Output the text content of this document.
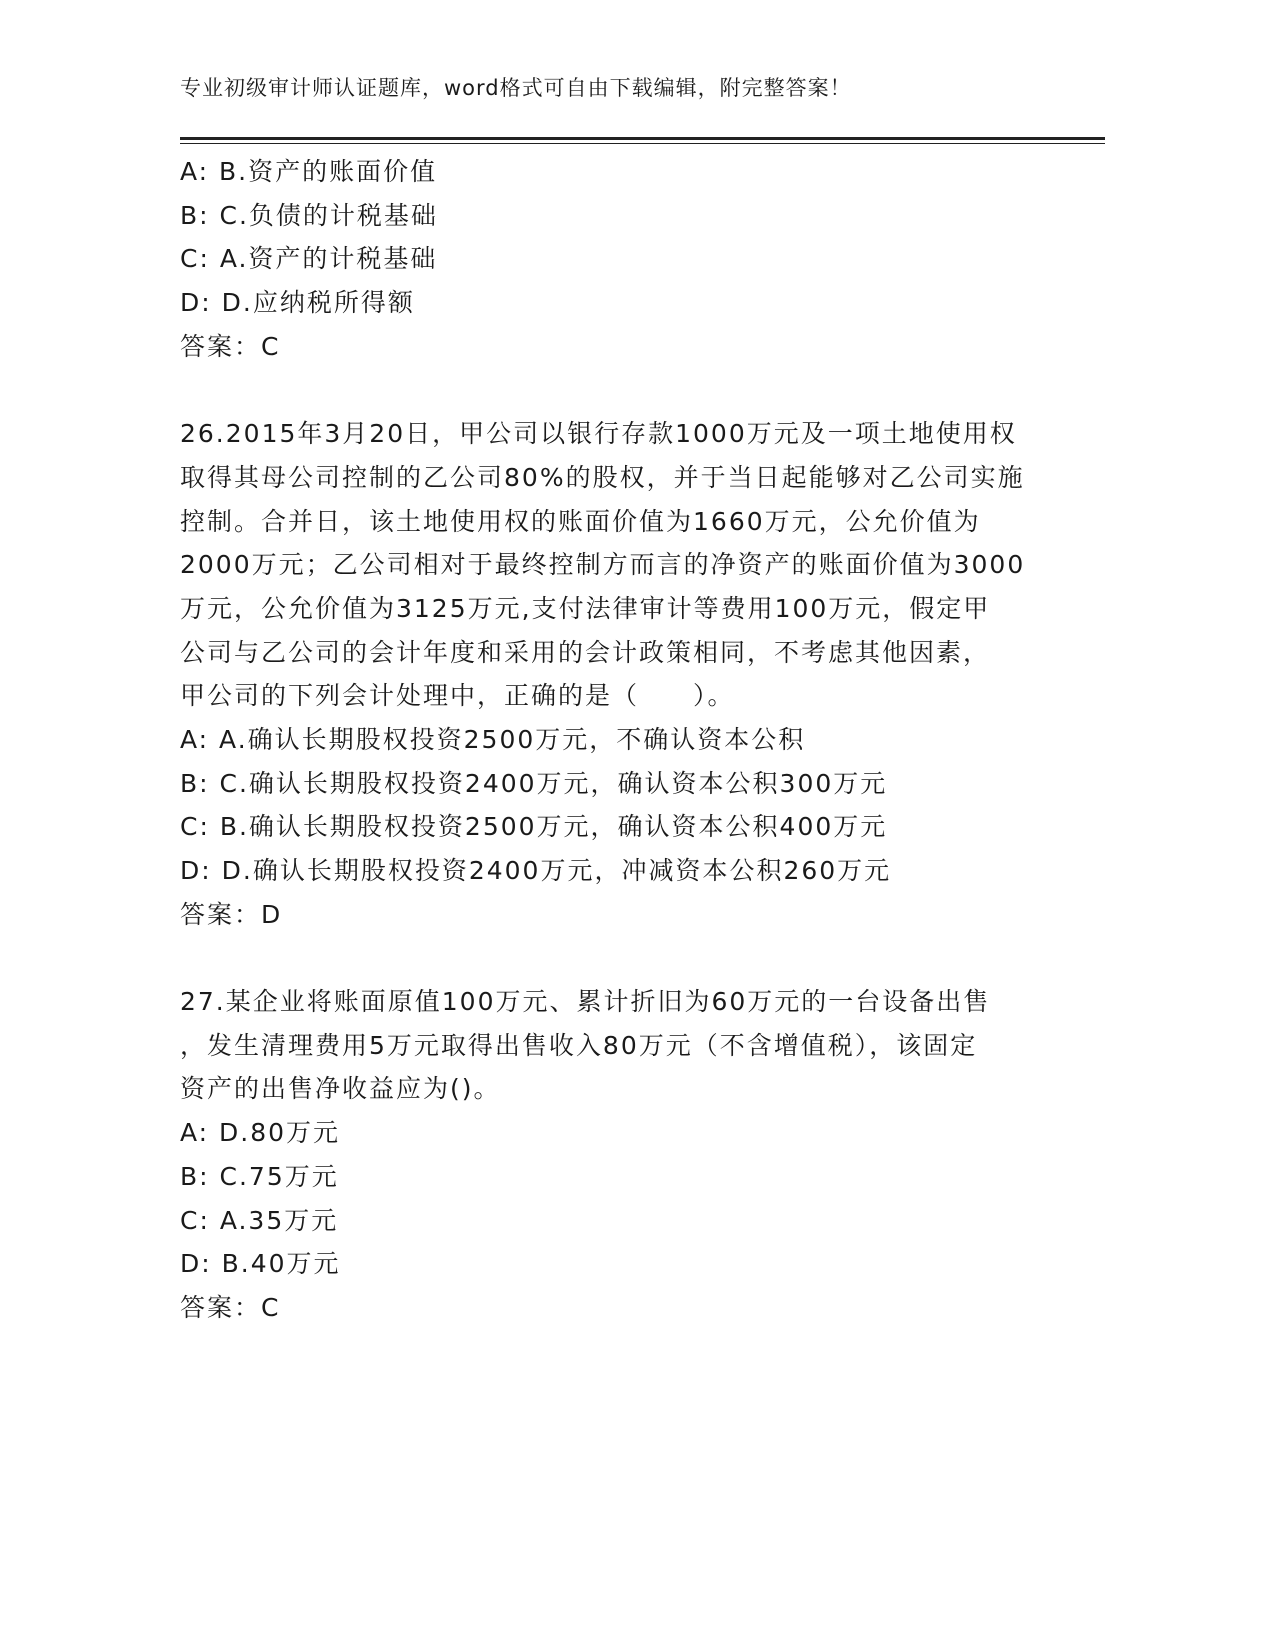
专业初级审计师认证题库，word格式可自由下载编辑，附完整答案！
A: B.资产的账面价值
B: C.负债的计税基础
C: A.资产的计税基础
D: D.应纳税所得额
答案：C
26.2015年3月20日，甲公司以银行存款1000万元及一项土地使用权
取得其母公司控制的乙公司80%的股权，并于当日起能够对乙公司实施
控制。合并日，该土地使用权的账面价值为1660万元，公允价值为
2000万元；乙公司相对于最终控制方而言的净资产的账面价值为3000
万元，公允价值为3125万元,支付法律审计等费用100万元，假定甲
公司与乙公司的会计年度和采用的会计政策相同，不考虑其他因素，
甲公司的下列会计处理中，正确的是（　　）。
A: A.确认长期股权投资2500万元，不确认资本公积
B: C.确认长期股权投资2400万元，确认资本公积300万元
C: B.确认长期股权投资2500万元，确认资本公积400万元
D: D.确认长期股权投资2400万元，冲减资本公积260万元
答案：D
27.某企业将账面原值100万元、累计折旧为60万元的一台设备出售
，发生清理费用5万元取得出售收入80万元（不含增值税），该固定
资产的出售净收益应为()。
A: D.80万元
B: C.75万元
C: A.35万元
D: B.40万元
答案：C
